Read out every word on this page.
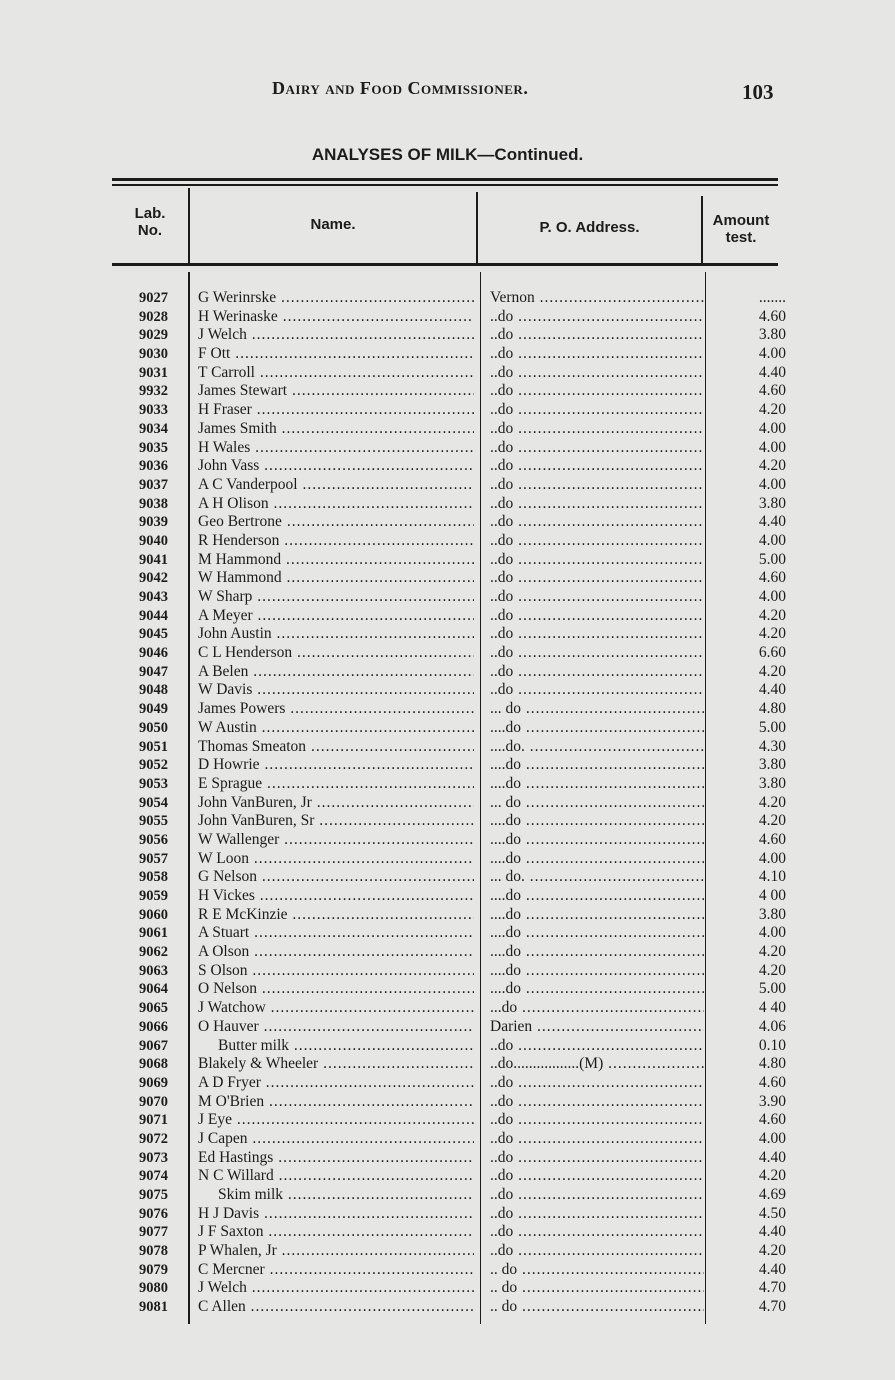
Dairy and Food Commissioner.	103
ANALYSES OF MILK—Continued.
Lab.
No.	Name.	P. O. Address.	Amount
test.
9027 G Werinrske .....	Vernon .....	.......
9028 H Werinaske .....	..do .....	4.60
9029 J Welch .....	..do .....	3.80
9030 F Ott .....	..do .....	4.00
9031 T Carroll .....	..do .....	4.40
9932 James Stewart .....	..do .....	4.60
9033 H Fraser .....	..do .....	4.20
9034 James Smith .....	..do .....	4.00
9035 H Wales .....	..do .....	4.00
9036 John Vass .....	..do .....	4.20
9037 A C Vanderpool .....	..do .....	4.00
9038 A H Olison .....	..do .....	3.80
9039 Geo Bertrone .....	..do .....	4.40
9040 R Henderson .....	..do .....	4.00
9041 M Hammond .....	..do .....	5.00
9042 W Hammond .....	..do .....	4.60
9043 W Sharp .....	..do .....	4.00
9044 A Meyer .....	..do .....	4.20
9045 John Austin .....	..do .....	4.20
9046 C L Henderson .....	..do .....	6.60
9047 A Belen .....	..do .....	4.20
9048 W Davis .....	..do .....	4.40
9049 James Powers .....	... do .....	4.80
9050 W Austin .....	....do .....	5.00
9051 Thomas Smeaton .....	....do. .....	4.30
9052 D Howrie .....	....do .....	3.80
9053 E Sprague .....	....do .....	3.80
9054 John VanBuren, Jr .....	... do .....	4.20
9055 John VanBuren, Sr .....	....do .....	4.20
9056 W Wallenger .....	....do .....	4.60
9057 W Loon .....	....do .....	4.00
9058 G Nelson .....	... do. .....	4.10
9059 H Vickes .....	....do .....	4 00
9060 R E McKinzie .....	....do .....	3.80
9061 A Stuart .....	....do .....	4.00
9062 A Olson .....	....do .....	4.20
9063 S Olson .....	....do .....	4.20
9064 O Nelson .....	....do .....	5.00
9065 J Watchow .....	...do .....	4 40
9066 O Hauver .....	Darien .....	4.06
9067	Butter milk .....	..do .....	0.10
9068 Blakely & Wheeler .....	..do.................(M) .....	4.80
9069 A D Fryer .....	..do .....	4.60
9070 M O'Brien .....	..do .....	3.90
9071 J Eye .....	..do .....	4.60
9072 J Capen .....	..do .....	4.00
9073 Ed Hastings .....	..do .....	4.40
9074 N C Willard .....	..do .....	4.20
9075	Skim milk .....	..do .....	4.69
9076 H J Davis .....	..do .....	4.50
9077 J F Saxton .....	..do .....	4.40
9078 P Whalen, Jr .....	..do .....	4.20
9079 C Mercner .....	.. do .....	4.40
9080 J Welch .....	.. do .....	4.70
9081 C Allen .....	.. do .....	4.70
